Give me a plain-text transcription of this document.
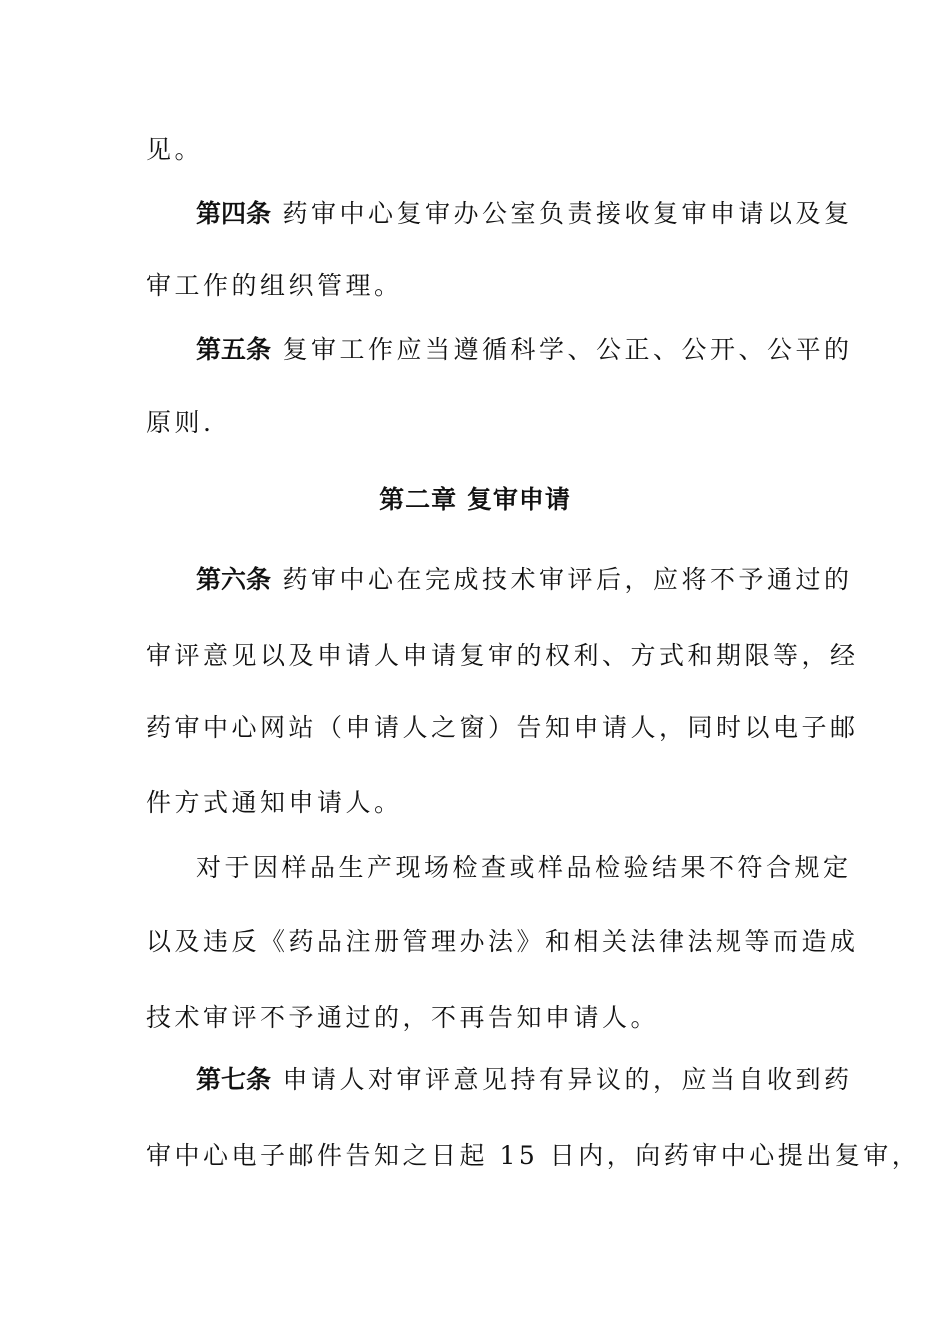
见。
第四条 药审中心复审办公室负责接收复审申请以及复
审工作的组织管理。
第五条 复审工作应当遵循科学、公正、公开、公平的
原则.
第二章 复审申请
第六条 药审中心在完成技术审评后，应将不予通过的
审评意见以及申请人申请复审的权利、方式和期限等，经
药审中心网站（申请人之窗）告知申请人，同时以电子邮
件方式通知申请人。
对于因样品生产现场检查或样品检验结果不符合规定
以及违反《药品注册管理办法》和相关法律法规等而造成
技术审评不予通过的，不再告知申请人。
第七条 申请人对审评意见持有异议的，应当自收到药
审中心电子邮件告知之日起 15 日内，向药审中心提出复审，
